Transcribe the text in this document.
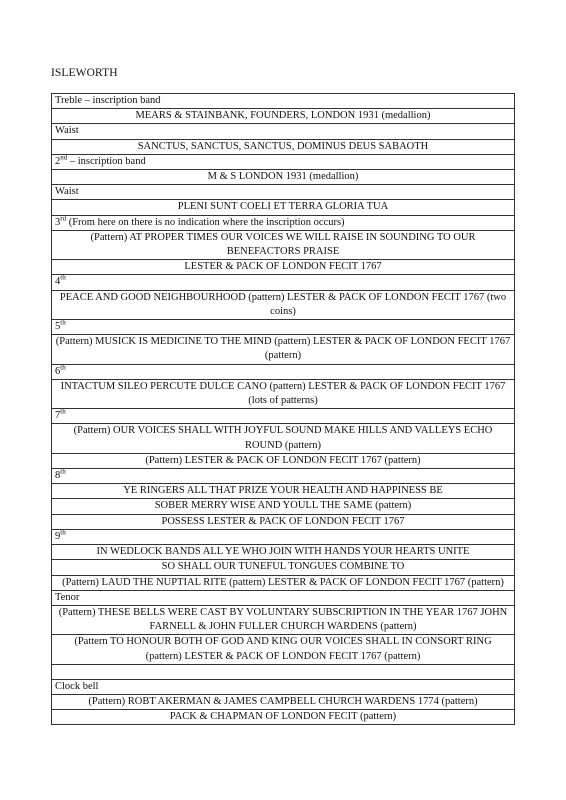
ISLEWORTH
Treble – inscription band
MEARS & STAINBANK, FOUNDERS, LONDON 1931 (medallion)
Waist
SANCTUS, SANCTUS, SANCTUS, DOMINUS DEUS SABAOTH
2nd – inscription band
M & S LONDON 1931 (medallion)
Waist
PLENI SUNT COELI ET TERRA GLORIA TUA
3rd (From here on there is no indication where the inscription occurs)
(Pattern) AT PROPER TIMES OUR VOICES WE WILL RAISE IN SOUNDING TO OUR BENEFACTORS PRAISE
LESTER & PACK OF LONDON FECIT 1767
4th
PEACE AND GOOD NEIGHBOURHOOD (pattern) LESTER & PACK OF LONDON FECIT 1767 (two coins)
5th
(Pattern) MUSICK IS MEDICINE TO THE MIND (pattern) LESTER & PACK OF LONDON FECIT 1767 (pattern)
6th
INTACTUM SILEO PERCUTE DULCE CANO (pattern) LESTER & PACK OF LONDON FECIT 1767 (lots of patterns)
7th
(Pattern) OUR VOICES SHALL WITH JOYFUL SOUND MAKE HILLS AND VALLEYS ECHO ROUND (pattern)
(Pattern) LESTER & PACK OF LONDON FECIT 1767 (pattern)
8th
YE RINGERS ALL THAT PRIZE YOUR HEALTH AND HAPPINESS BE
SOBER MERRY WISE AND YOULL THE SAME (pattern)
POSSESS LESTER & PACK OF LONDON FECIT 1767
9th
IN WEDLOCK BANDS ALL YE WHO JOIN WITH HANDS YOUR HEARTS UNITE
SO SHALL OUR TUNEFUL TONGUES COMBINE TO
(Pattern) LAUD THE NUPTIAL RITE (pattern) LESTER & PACK OF LONDON FECIT 1767 (pattern)
Tenor
(Pattern) THESE BELLS WERE CAST BY VOLUNTARY SUBSCRIPTION IN THE YEAR 1767 JOHN FARNELL & JOHN FULLER CHURCH WARDENS (pattern)
(Pattern TO HONOUR BOTH OF GOD AND KING OUR VOICES SHALL IN CONSORT RING (pattern) LESTER & PACK OF LONDON FECIT 1767 (pattern)

Clock bell
(Pattern) ROBT AKERMAN & JAMES CAMPBELL CHURCH WARDENS 1774 (pattern)
PACK & CHAPMAN OF LONDON FECIT (pattern)
